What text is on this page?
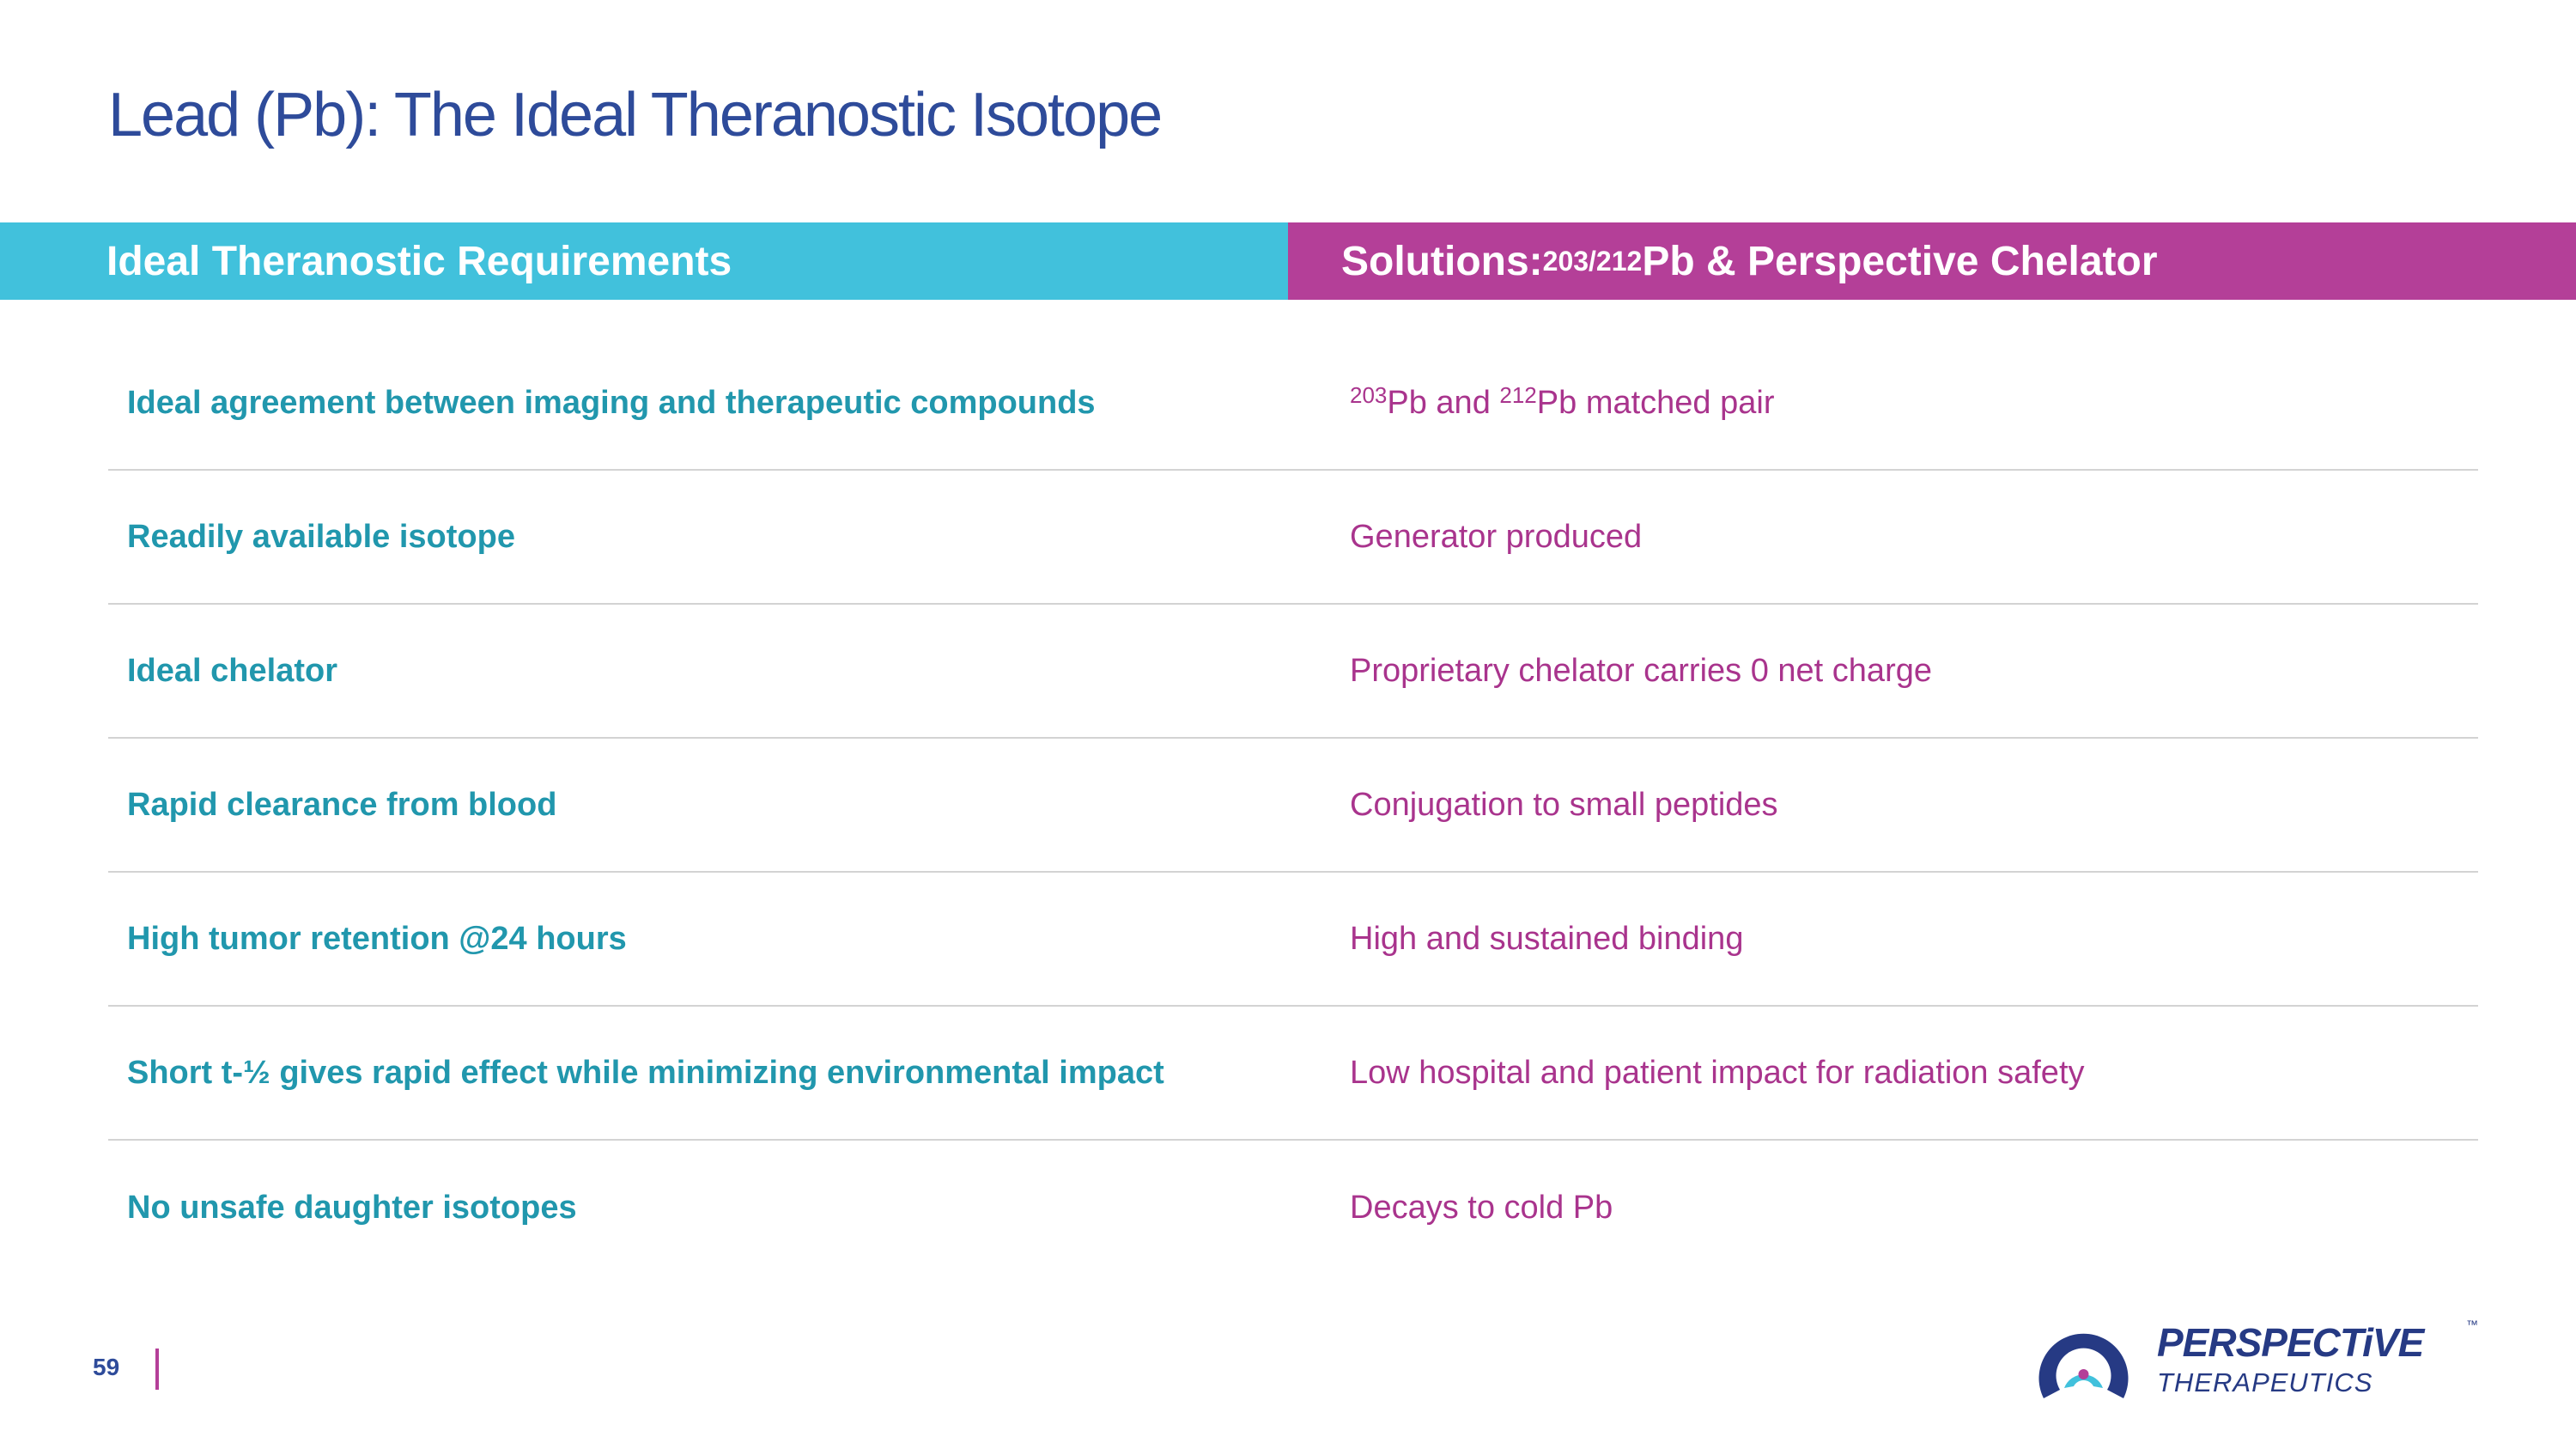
Lead (Pb): The Ideal Theranostic Isotope
Ideal Theranostic Requirements	Solutions: 203/212 Pb & Perspective Chelator
Ideal agreement between imaging and therapeutic compounds	$^{203}$Pb and $^{212}$Pb matched pair
Readily available isotope	Generator produced
Ideal chelator	Proprietary chelator carries 0 net charge
Rapid clearance from blood	Conjugation to small peptides
High tumor retention @24 hours	High and sustained binding
Short t-½ gives rapid effect while minimizing environmental impact	Low hospital and patient impact for radiation safety
No unsafe daughter isotopes	Decays to cold Pb
59
PERSPECTiVE	™
THERAPEUTICS
